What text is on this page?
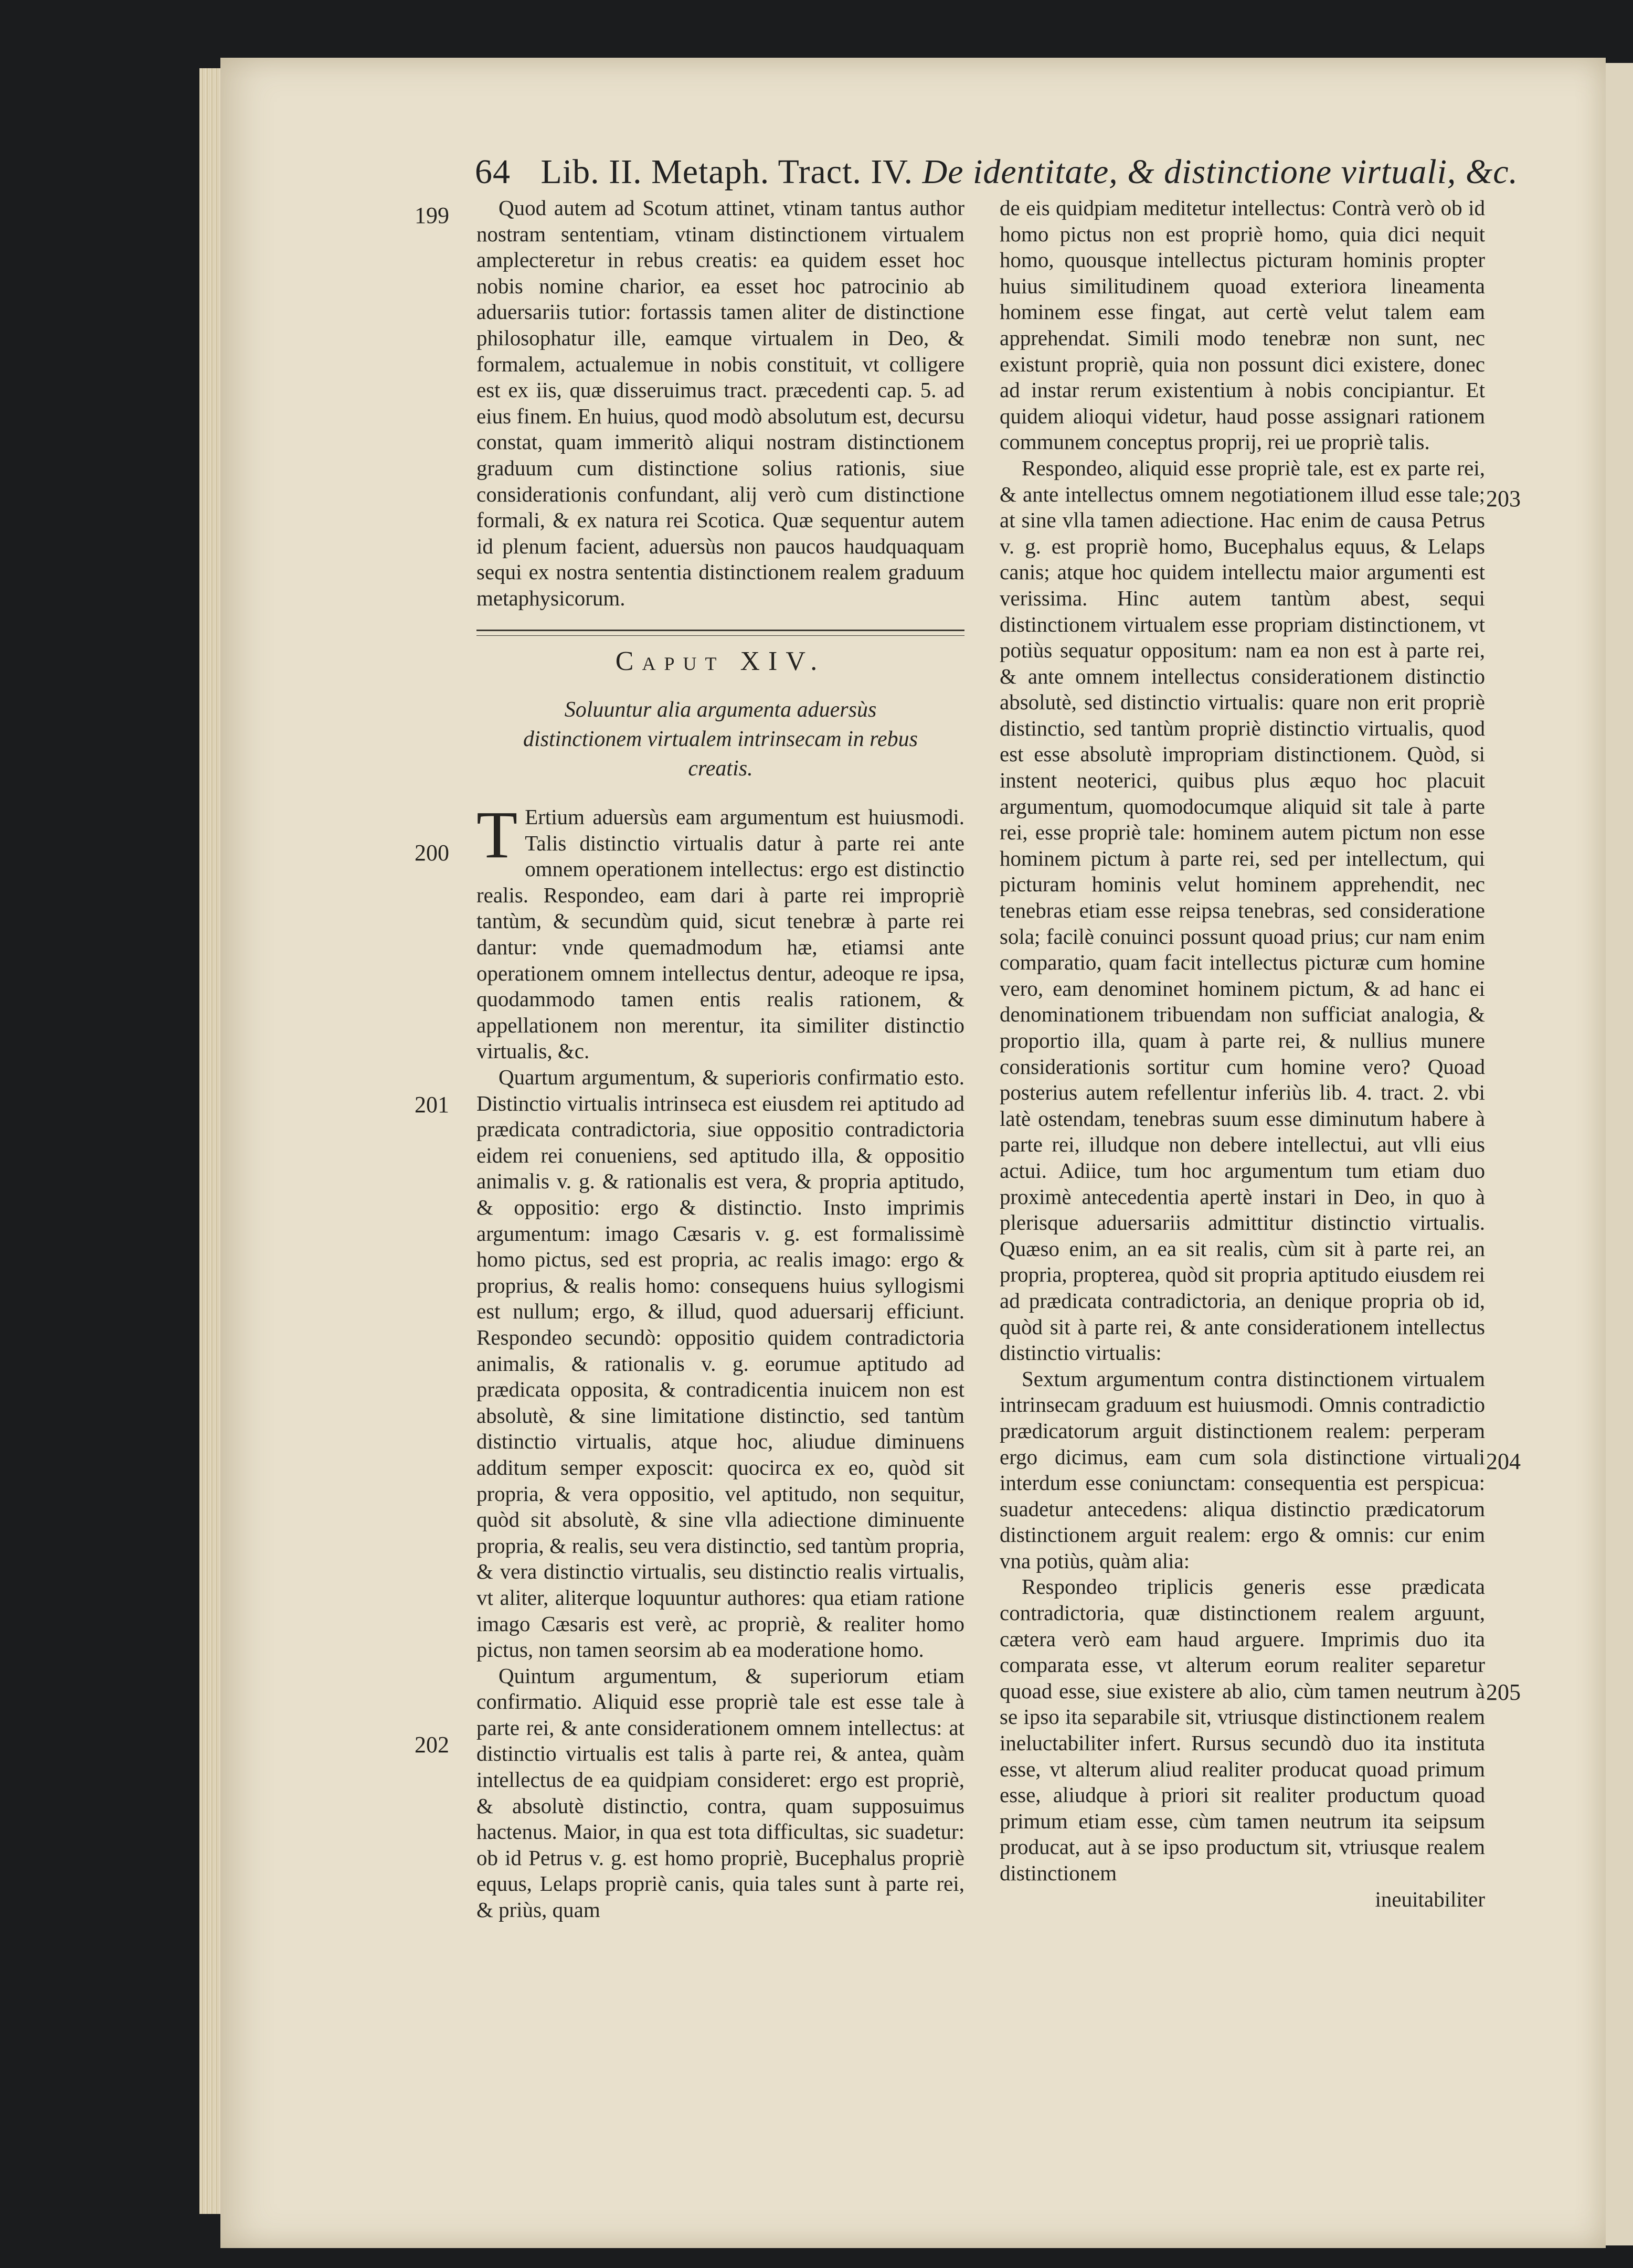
64 Lib. II. Metaph. Tract. IV. De identitate, & distinctione virtuali, &c.
199
200
201
202
203
204
205

Quod autem ad Scotum attinet, vtinam tantus author nostram sententiam, vtinam distinctionem virtualem amplecteretur in rebus creatis: ea quidem esset hoc nobis nomine charior, ea esset hoc patrocinio ab aduersariis tutior: fortassis tamen aliter de distinctione philosophatur ille, eamque virtualem in Deo, & formalem, actualemue in nobis constituit, vt colligere est ex iis, quæ disseruimus tract. præcedenti cap. 5. ad eius finem. En huius, quod modò absolutum est, decursu constat, quam immeritò aliqui nostram distinctionem graduum cum distinctione solius rationis, siue considerationis confundant, alij verò cum distinctione formali, & ex natura rei Scotica. Quæ sequentur autem id plenum facient, aduersùs non paucos haudquaquam sequi ex nostra sententia distinctionem realem graduum metaphysicorum.

Caput XIV.
Soluuntur alia argumenta aduersùs distinctionem virtualem intrinsecam in rebus creatis.

T Ertium aduersùs eam argumentum est huiusmodi. Talis distinctio virtualis datur à parte rei ante omnem operationem intellectus: ergo est distinctio realis. Respondeo, eam dari à parte rei impropriè tantùm, & secundùm quid, sicut tenebræ à parte rei dantur: vnde quemadmodum hæ, etiamsi ante operationem omnem intellectus dentur, adeoque re ipsa, quodammodo tamen entis realis rationem, & appellationem non merentur, ita similiter distinctio virtualis, &c.

Quartum argumentum, & superioris confirmatio esto. Distinctio virtualis intrinseca est eiusdem rei aptitudo ad prædicata contradictoria, siue oppositio contradictoria eidem rei conueniens, sed aptitudo illa, & oppositio animalis v. g. & rationalis est vera, & propria aptitudo, & oppositio: ergo & distinctio. Insto imprimis argumentum: imago Cæsaris v. g. est formalissimè homo pictus, sed est propria, ac realis imago: ergo & proprius, & realis homo: consequens huius syllogismi est nullum; ergo, & illud, quod aduersarij efficiunt. Respondeo secundò: oppositio quidem contradictoria animalis, & rationalis v. g. eorumue aptitudo ad prædicata opposita, & contradicentia inuicem non est absolutè, & sine limitatione distinctio, sed tantùm distinctio virtualis, atque hoc, aliudue diminuens additum semper exposcit: quocirca ex eo, quòd sit propria, & vera oppositio, vel aptitudo, non sequitur, quòd sit absolutè, & sine vlla adiectione diminuente propria, & realis, seu vera distinctio, sed tantùm propria, & vera distinctio virtualis, seu distinctio realis virtualis, vt aliter, aliterque loquuntur authores: qua etiam ratione imago Cæsaris est verè, ac propriè, & realiter homo pictus, non tamen seorsim ab ea moderatione homo.

Quintum argumentum, & superiorum etiam confirmatio. Aliquid esse propriè tale est esse tale à parte rei, & ante considerationem omnem intellectus: at distinctio virtualis est talis à parte rei, & antea, quàm intellectus de ea quidpiam consideret: ergo est propriè, & absolutè distinctio, contra, quam supposuimus hactenus. Maior, in qua est tota difficultas, sic suadetur: ob id Petrus v. g. est homo propriè, Bucephalus propriè equus, Lelaps propriè canis, quia tales sunt à parte rei, & priùs, quam

de eis quidpiam meditetur intellectus: Contrà verò ob id homo pictus non est propriè homo, quia dici nequit homo, quousque intellectus picturam hominis propter huius similitudinem quoad exteriora lineamenta hominem esse fingat, aut certè velut talem eam apprehendat. Simili modo tenebræ non sunt, nec existunt propriè, quia non possunt dici existere, donec ad instar rerum existentium à nobis concipiantur. Et quidem alioqui videtur, haud posse assignari rationem communem conceptus proprij, rei ue propriè talis.

Respondeo, aliquid esse propriè tale, est ex parte rei, & ante intellectus omnem negotiationem illud esse tale; at sine vlla tamen adiectione. Hac enim de causa Petrus v. g. est propriè homo, Bucephalus equus, & Lelaps canis; atque hoc quidem intellectu maior argumenti est verissima. Hinc autem tantùm abest, sequi distinctionem virtualem esse propriam distinctionem, vt potiùs sequatur oppositum: nam ea non est à parte rei, & ante omnem intellectus considerationem distinctio absolutè, sed distinctio virtualis: quare non erit propriè distinctio, sed tantùm propriè distinctio virtualis, quod est esse absolutè impropriam distinctionem. Quòd, si instent neoterici, quibus plus æquo hoc placuit argumentum, quomodocumque aliquid sit tale à parte rei, esse propriè tale: hominem autem pictum non esse hominem pictum à parte rei, sed per intellectum, qui picturam hominis velut hominem apprehendit, nec tenebras etiam esse reipsa tenebras, sed consideratione sola; facilè conuinci possunt quoad prius; cur nam enim comparatio, quam facit intellectus picturæ cum homine vero, eam denominet hominem pictum, & ad hanc ei denominationem tribuendam non sufficiat analogia, & proportio illa, quam à parte rei, & nullius munere considerationis sortitur cum homine vero? Quoad posterius autem refellentur inferiùs lib. 4. tract. 2. vbi latè ostendam, tenebras suum esse diminutum habere à parte rei, illudque non debere intellectui, aut vlli eius actui. Adiice, tum hoc argumentum tum etiam duo proximè antecedentia apertè instari in Deo, in quo à plerisque aduersariis admittitur distinctio virtualis. Quæso enim, an ea sit realis, cùm sit à parte rei, an propria, propterea, quòd sit propria aptitudo eiusdem rei ad prædicata contradictoria, an denique propria ob id, quòd sit à parte rei, & ante considerationem intellectus distinctio virtualis:

Sextum argumentum contra distinctionem virtualem intrinsecam graduum est huiusmodi. Omnis contradictio prædicatorum arguit distinctionem realem: perperam ergo dicimus, eam cum sola distinctione virtuali interdum esse coniunctam: consequentia est perspicua: suadetur antecedens: aliqua distinctio prædicatorum distinctionem arguit realem: ergo & omnis: cur enim vna potiùs, quàm alia:

Respondeo triplicis generis esse prædicata contradictoria, quæ distinctionem realem arguunt, cætera verò eam haud arguere. Imprimis duo ita comparata esse, vt alterum eorum realiter separetur quoad esse, siue existere ab alio, cùm tamen neutrum à se ipso ita separabile sit, vtriusque distinctionem realem ineluctabiliter infert. Rursus secundò duo ita instituta esse, vt alterum aliud realiter producat quoad primum esse, aliudque à priori sit realiter productum quoad primum etiam esse, cùm tamen neutrum ita seipsum producat, aut à se ipso productum sit, vtriusque realem distinctionem

ineuitabiliter
